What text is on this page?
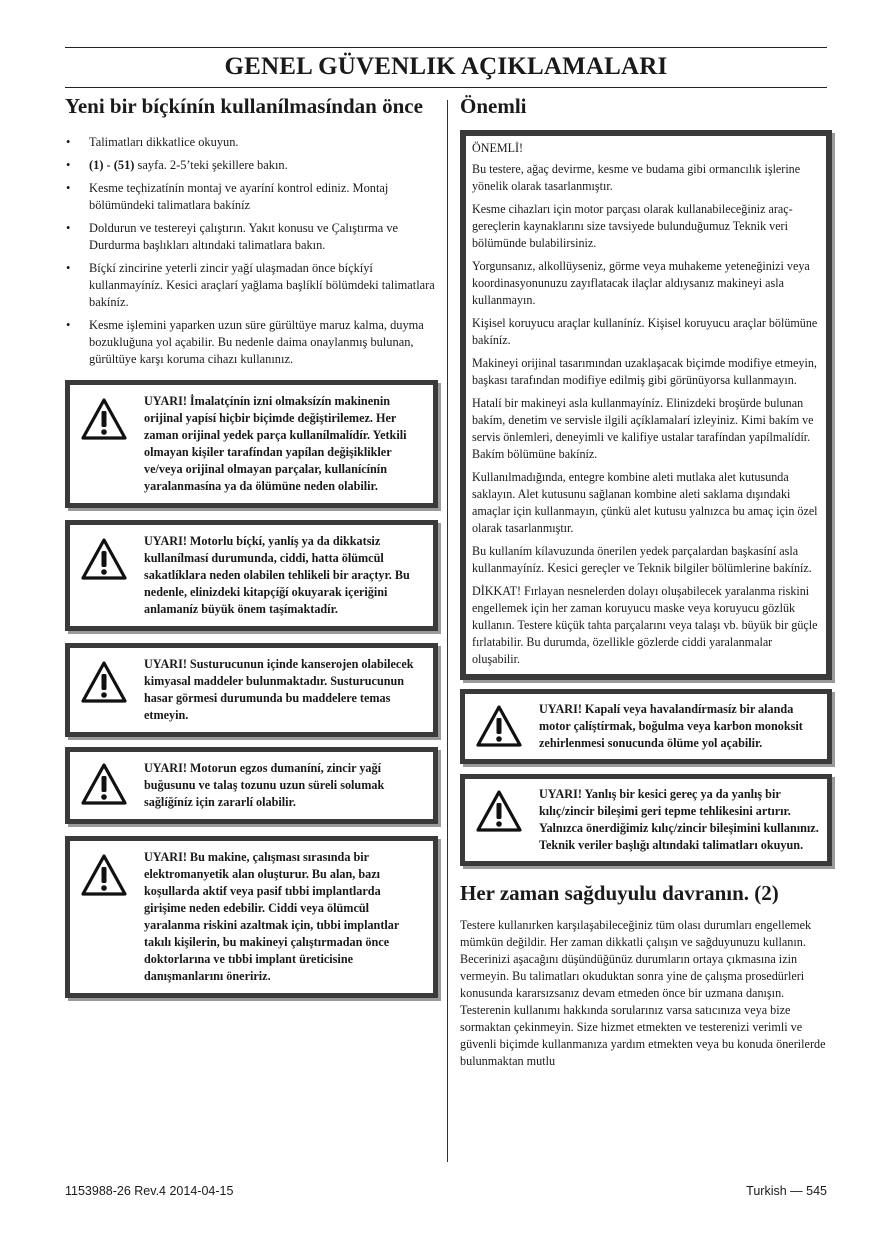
GENEL GÜVENLIK AÇIKLAMALARI
Yeni bir bíçkínín kullanílmasíndan önce
• Talimatları dikkatlice okuyun.
• (1) - (51) sayfa. 2-5’teki şekillere bakın.
• Kesme teçhizatínín montaj ve ayaríní kontrol ediniz. Montaj bölümündeki talimatlara bakíníz
• Doldurun ve testereyi çalıştırın. Yakıt konusu ve Çalıştırma ve Durdurma başlıkları altındaki talimatlara bakın.
• Bíçkí zincirine yeterli zincir yağí ulaşmadan önce bíçkíyí kullanmayíníz. Kesici araçlarí yağlama başlíklí bölümdeki talimatlara bakíníz.
• Kesme işlemini yaparken uzun süre gürültüye maruz kalma, duyma bozukluğuna yol açabilir. Bu nedenle daima onaylanmış bulunan, gürültüye karşı koruma cihazı kullanınız.

UYARI! İmalatçínín izni olmaksízín makinenin orijinal yapísí hiçbir biçimde değiştirilemez. Her zaman orijinal yedek parça kullanílmalídír. Yetkili olmayan kişiler tarafíndan yapílan değişiklikler ve/veya orijinal olmayan parçalar, kullanícínín yaralanmasína ya da ölümüne neden olabilir.

UYARI! Motorlu bíçkí, yanlíş ya da dikkatsiz kullanílmasí durumunda, ciddi, hatta ölümcül sakatlíklara neden olabilen tehlikeli bir araçtyr. Bu nedenle, elinizdeki kitapçíğí okuyarak içeriğini anlamaníz büyük önem taşímaktadír.

UYARI! Susturucunun içinde kanserojen olabilecek kimyasal maddeler bulunmaktadır. Susturucunun hasar görmesi durumunda bu maddelere temas etmeyin.

UYARI! Motorun egzos dumaníní, zincir yağí buğusunu ve talaş tozunu uzun süreli solumak sağlíğíníz için zararlí olabilir.

UYARI! Bu makine, çalışması sırasında bir elektromanyetik alan oluşturur. Bu alan, bazı koşullarda aktif veya pasif tıbbi implantlarda girişime neden edebilir. Ciddi veya ölümcül yaralanma riskini azaltmak için, tıbbi implantlar takılı kişilerin, bu makineyi çalıştırmadan önce doktorlarına ve tıbbi implant üreticisine danışmanlarını öneririz.

Önemli

ÖNEMLİ!

Bu testere, ağaç devirme, kesme ve budama gibi ormancılık işlerine yönelik olarak tasarlanmıştır.

Kesme cihazları için motor parçası olarak kullanabileceğiniz araç-gereçlerin kaynaklarını size tavsiyede bulunduğumuz Teknik veri bölümünde bulabilirsiniz.

Yorgunsanız, alkollüyseniz, görme veya muhakeme yeteneğinizi veya koordinasyonunuzu zayıflatacak ilaçlar aldıysanız makineyi asla kullanmayın.

Kişisel koruyucu araçlar kullaníníz. Kişisel koruyucu araçlar bölümüne bakíníz.

Makineyi orijinal tasarımından uzaklaşacak biçimde modifiye etmeyin, başkası tarafından modifiye edilmiş gibi görünüyorsa kullanmayın.

Hatalí bir makineyi asla kullanmayíníz. Elinizdeki broşürde bulunan bakím, denetim ve servisle ilgili açíklamalarí izleyiniz. Kimi bakím ve servis önlemleri, deneyimli ve kalifiye ustalar tarafíndan yapílmalídír. Bakím bölümüne bakíníz.

Kullanılmadığında, entegre kombine aleti mutlaka alet kutusunda saklayın. Alet kutusunu sağlanan kombine aleti saklama dışındaki amaçlar için kullanmayın, çünkü alet kutusu yalnızca bu amaç için özel olarak tasarlanmıştır.

Bu kullaním kílavuzunda önerilen yedek parçalardan başkasíní asla kullanmayíníz. Kesici gereçler ve Teknik bilgiler bölümlerine bakíníz.

DİKKAT! Fırlayan nesnelerden dolayı oluşabilecek yaralanma riskini engellemek için her zaman koruyucu maske veya koruyucu gözlük kullanın. Testere küçük tahta parçalarını veya talaşı vb. büyük bir güçle fırlatabilir. Bu durumda, özellikle gözlerde ciddi yaralanmalar oluşabilir.

UYARI! Kapalí veya havalandírmasíz bir alanda motor çalíştírmak, boğulma veya karbon monoksit zehirlenmesi sonucunda ölüme yol açabilir.

UYARI! Yanlış bir kesici gereç ya da yanlış bir kılıç/zincir bileşimi geri tepme tehlikesini artırır. Yalnızca önerdiğimiz kılıç/zincir bileşimini kullanınız. Teknik veriler başlığı altındaki talimatları okuyun.

Her zaman sağduyulu davranın. (2)

Testere kullanırken karşılaşabileceğiniz tüm olası durumları engellemek mümkün değildir. Her zaman dikkatli çalışın ve sağduyunuzu kullanın. Becerinizi aşacağını düşündüğünüz durumların ortaya çıkmasına izin vermeyin. Bu talimatları okuduktan sonra yine de çalışma prosedürleri konusunda kararsızsanız devam etmeden önce bir uzmana danışın. Testerenin kullanımı hakkında sorularınız varsa satıcınıza veya bize sormaktan çekinmeyin. Size hizmet etmekten ve testerenizi verimli ve güvenli biçimde kullanmanıza yardım etmekten veya bu konuda önerilerde bulunmaktan mutlu

1153988-26 Rev.4 2014-04-15	Turkish — 545
